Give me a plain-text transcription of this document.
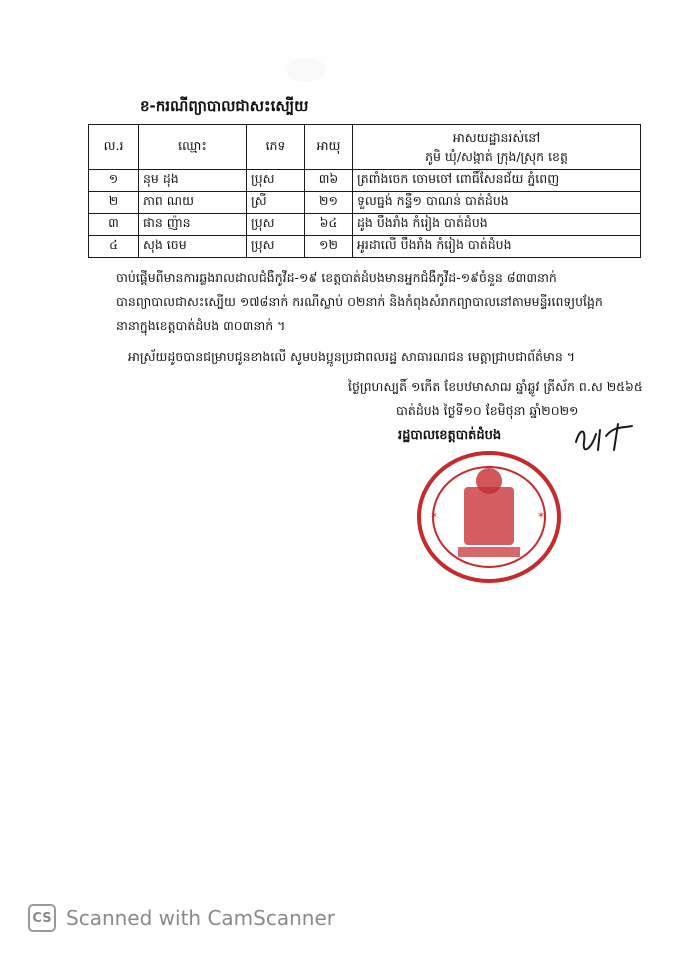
ខ-ករណីព្យាបាលជាសះស្បើយ
ល.រ	ឈ្មោះ	ភេទ	អាយុ	អាសយដ្ឋានរស់នៅ
ភូមិ ឃុំ/សង្កាត់ ក្រុង/ស្រុក ខេត្ត

១	នុម ដុង	ប្រុស	៣៦	ត្រពាំងចេក ចោមចៅ ពោធិ៍សែនជ័យ ភ្នំពេញ
២	ភាព ណយ	ស្រី	២១	ទួលធ្នង់ កន្ទឺ១ បាណន់ បាត់ដំបង
៣	ផាន ញ៉ាន	ប្រុស	៦៤	ដូង បឹងរាំង កំរៀង បាត់ដំបង
៤	សុង ចេម	ប្រុស	១២	អូរដាលើ បឹងរាំង កំរៀង បាត់ដំបង
ចាប់ផ្តើមពីមានការឆ្លងរាលដាលជំងឺកូវីដ-១៩ ខេត្តបាត់ដំបងមានអ្នកជំងឺកូវីដ-១៩ចំនួន ៨៣៣នាក់
បានព្យាបាលជាសះស្បើយ ១៧៨នាក់ ករណីស្លាប់ ០២នាក់ និងកំពុងសំរាកព្យាបាលនៅតាមមន្ទីរពេទ្យបង្អែក
នានាក្នុងខេត្តបាត់ដំបង ៣០៣នាក់ ។
អាស្រ័យដូចបានជម្រាបជូនខាងលើ សូមបងប្អូនប្រជាពលរដ្ឋ សាធារណជន មេត្តាជ្រាបជាព័ត៌មាន ។
ថ្ងៃព្រហស្បតិ៍ ១កើត ខែបឋមាសាឍ ឆ្នាំឆ្លូវ ត្រីស័ក ព.ស ២៥៦៥
បាត់ដំបង ថ្ងៃទី១០ ខែមិថុនា ឆ្នាំ២០២១
រដ្ឋបាលខេត្តបាត់ដំបង
*	*
CS Scanned with CamScanner
